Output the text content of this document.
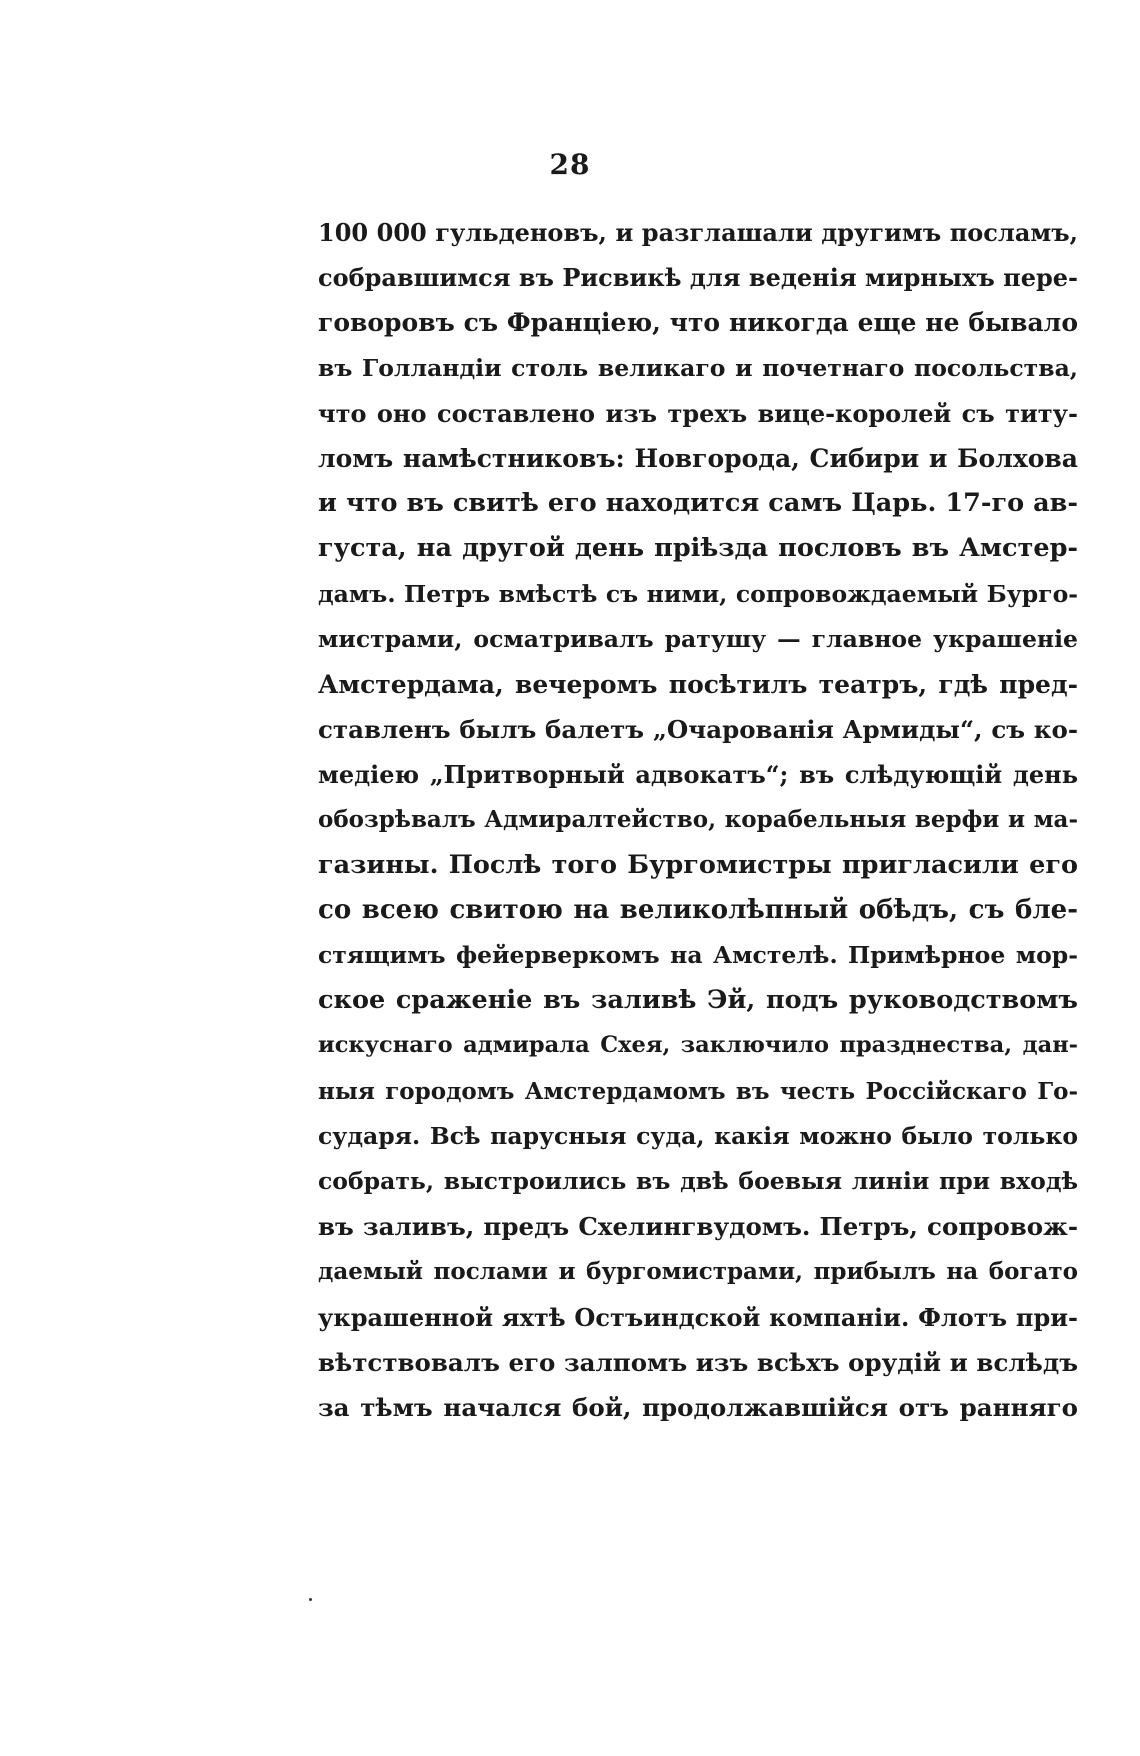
28
100 000 гульденовъ, и разглашали другимъ посламъ,
собравшимся въ Рисвикѣ для веденія мирныхъ пере-
говоровъ съ Франціею, что никогда еще не бывало
въ Голландіи столь великаго и почетнаго посольства,
что оно составлено изъ трехъ вице-королей съ титу-
ломъ намѣстниковъ: Новгорода, Сибири и Болхова
и что въ свитѣ его находится самъ Царь. 17-го ав-
густа, на другой день пріѣзда пословъ въ Амстер-
дамъ. Петръ вмѣстѣ съ ними, сопровождаемый Бурго-
мистрами, осматривалъ ратушу — главное украшеніе
Амстердама, вечеромъ посѣтилъ театръ, гдѣ пред-
ставленъ былъ балетъ „Очарованія Армиды“, съ ко-
медіею „Притворный адвокатъ“; въ слѣдующій день
обозрѣвалъ Адмиралтейство, корабельныя верфи и ма-
газины. Послѣ того Бургомистры пригласили его
со всею свитою на великолѣпный обѣдъ, съ бле-
стящимъ фейерверкомъ на Амстелѣ. Примѣрное мор-
ское сраженіе въ заливѣ Эй, подъ руководствомъ
искуснаго адмирала Схея, заключило празднества, дан-
ныя городомъ Амстердамомъ въ честь Россійскаго Го-
сударя. Всѣ парусныя суда, какія можно было только
собрать, выстроились въ двѣ боевыя линіи при входѣ
въ заливъ, предъ Схелингвудомъ. Петръ, сопровож-
даемый послами и бургомистрами, прибылъ на богато
украшенной яхтѣ Остъиндской компаніи. Флотъ при-
вѣтствовалъ его залпомъ изъ всѣхъ орудій и вслѣдъ
за тѣмъ начался бой, продолжавшійся отъ ранняго
